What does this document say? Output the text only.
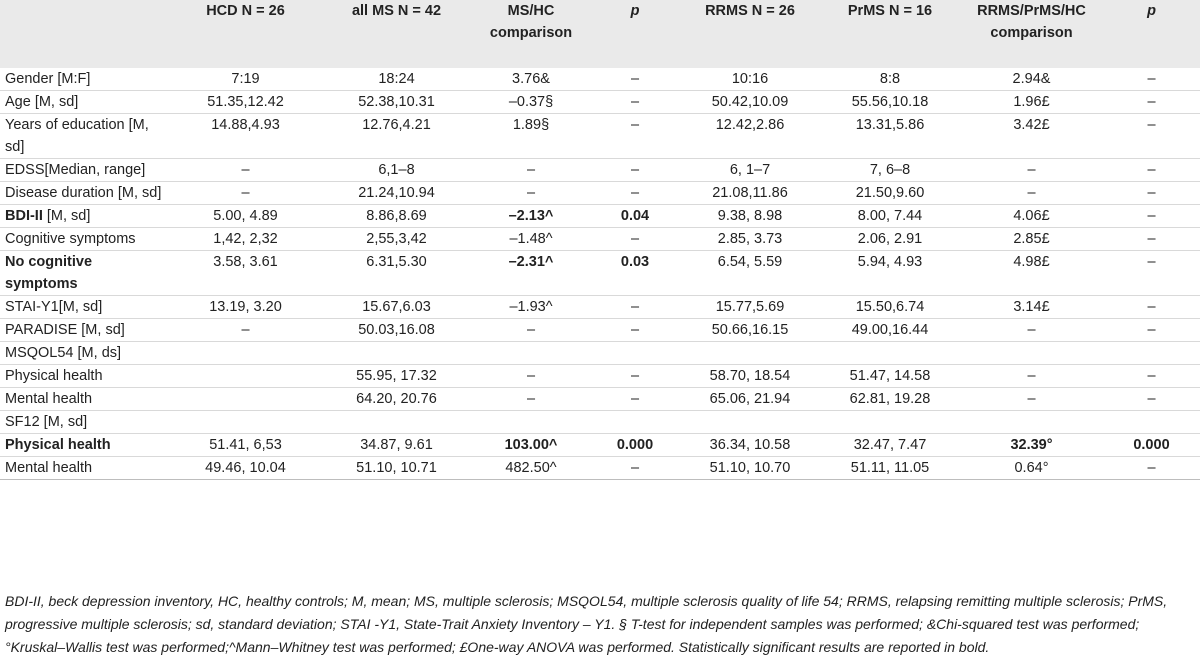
	HCD N = 26	all MS N = 42	MS/HC comparison	p	RRMS N = 26	PrMS N = 16	RRMS/PrMS/HC comparison	p
Gender [M:F]	7:19	18:24	3.76&	–	10:16	8:8	2.94&	–
Age [M, sd]	51.35,12.42	52.38,10.31	–0.37§	–	50.42,10.09	55.56,10.18	1.96£	–
Years of education [M, sd]	14.88,4.93	12.76,4.21	1.89§	–	12.42,2.86	13.31,5.86	3.42£	–
EDSS[Median, range]	–	6,1–8	–	–	6, 1–7	7, 6–8	–	–
Disease duration [M, sd]	–	21.24,10.94	–	–	21.08,11.86	21.50,9.60	–	–
BDI-II [M, sd]	5.00, 4.89	8.86,8.69	–2.13^	0.04	9.38, 8.98	8.00, 7.44	4.06£	–
Cognitive symptoms	1,42, 2,32	2,55,3,42	–1.48^	–	2.85, 3.73	2.06, 2.91	2.85£	–
No cognitive symptoms	3.58, 3.61	6.31,5.30	–2.31^	0.03	6.54, 5.59	5.94, 4.93	4.98£	–
STAI-Y1[M, sd]	13.19, 3.20	15.67,6.03	–1.93^	–	15.77,5.69	15.50,6.74	3.14£	–
PARADISE [M, sd]	–	50.03,16.08	–	–	50.66,16.15	49.00,16.44	–	–
MSQOL54 [M, ds]								
Physical health		55.95, 17.32	–	–	58.70, 18.54	51.47, 14.58	–	–
Mental health		64.20, 20.76	–	–	65.06, 21.94	62.81, 19.28	–	–
SF12 [M, sd]								
Physical health	51.41, 6,53	34.87, 9.61	103.00^	0.000	36.34, 10.58	32.47, 7.47	32.39°	0.000
Mental health	49.46, 10.04	51.10, 10.71	482.50^	–	51.10, 10.70	51.11, 11.05	0.64°	–
BDI-II, beck depression inventory, HC, healthy controls; M, mean; MS, multiple sclerosis; MSQOL54, multiple sclerosis quality of life 54; RRMS, relapsing remitting multiple sclerosis; PrMS, progressive multiple sclerosis; sd, standard deviation; STAI -Y1, State-Trait Anxiety Inventory – Y1. § T-test for independent samples was performed; &Chi-squared test was performed; °Kruskal–Wallis test was performed;^Mann–Whitney test was performed; £One-way ANOVA was performed. Statistically significant results are reported in bold.
